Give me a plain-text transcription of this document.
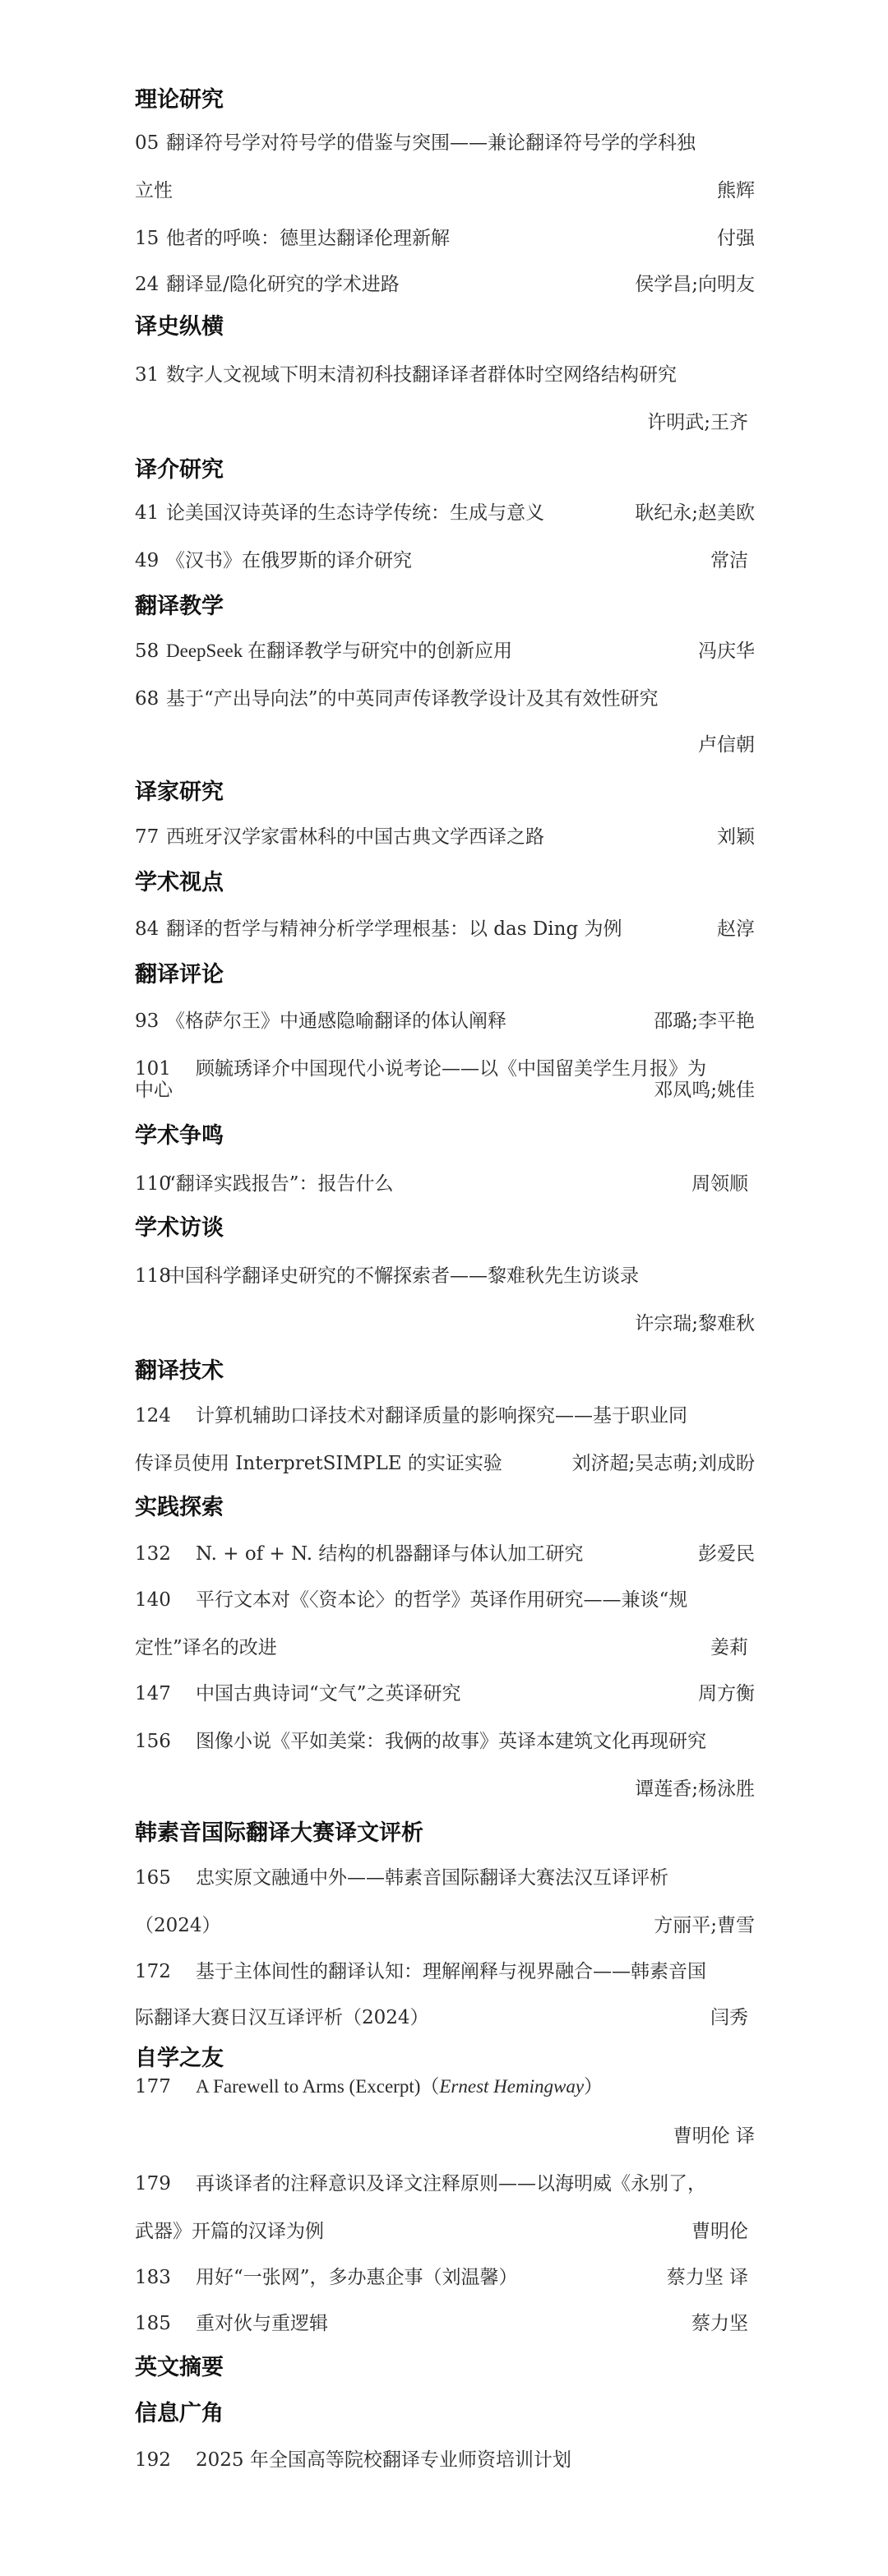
理论研究
05 翻译符号学对符号学的借鉴与突围——兼论翻译符号学的学科独
立性	熊辉
15 他者的呼唤：德里达翻译伦理新解	付强
24 翻译显/隐化研究的学术进路	侯学昌;向明友
译史纵横
31 数字人文视域下明末清初科技翻译译者群体时空网络结构研究
许明武;王齐
译介研究
41 论美国汉诗英译的生态诗学传统：生成与意义	耿纪永;赵美欧
49 《汉书》在俄罗斯的译介研究	常洁
翻译教学
58 DeepSeek 在翻译教学与研究中的创新应用	冯庆华
68 基于“产出导向法”的中英同声传译教学设计及其有效性研究
卢信朝
译家研究
77 西班牙汉学家雷林科的中国古典文学西译之路	刘颖
学术视点
84 翻译的哲学与精神分析学学理根基：以 das Ding 为例	赵淳
翻译评论
93 《格萨尔王》中通感隐喻翻译的体认阐释	邵璐;李平艳
101 顾毓琇译介中国现代小说考论——以《中国留美学生月报》为
中心	邓凤鸣;姚佳
学术争鸣
110
“翻译实践报告”：报告什么	周领顺
学术访谈
118
中国科学翻译史研究的不懈探索者——黎难秋先生访谈录
许宗瑞;黎难秋
翻译技术
124 计算机辅助口译技术对翻译质量的影响探究——基于职业同
传译员使用 InterpretSIMPLE 的实证实验	刘济超;吴志萌;刘成盼
实践探索
132 N. + of + N. 结构的机器翻译与体认加工研究	彭爱民
140 平行文本对《〈资本论〉的哲学》英译作用研究——兼谈“规
定性”译名的改进	姜莉
147 中国古典诗词“文气”之英译研究	周方衡
156 图像小说《平如美棠：我俩的故事》英译本建筑文化再现研究
谭莲香;杨泳胜
韩素音国际翻译大赛译文评析
165 忠实原文融通中外——韩素音国际翻译大赛法汉互译评析
（2024）	方丽平;曹雪
172 基于主体间性的翻译认知：理解阐释与视界融合——韩素音国
际翻译大赛日汉互译评析（2024）	闫秀
自学之友
177 A Farewell to Arms (Excerpt)（Ernest Hemingway）
曹明伦 译
179 再谈译者的注释意识及译文注释原则——以海明威《永别了，
武器》开篇的汉译为例	曹明伦
183 用好“一张网”，多办惠企事（刘温馨）	蔡力坚 译
185 重对伙与重逻辑	蔡力坚
英文摘要
信息广角
192 2025 年全国高等院校翻译专业师资培训计划
